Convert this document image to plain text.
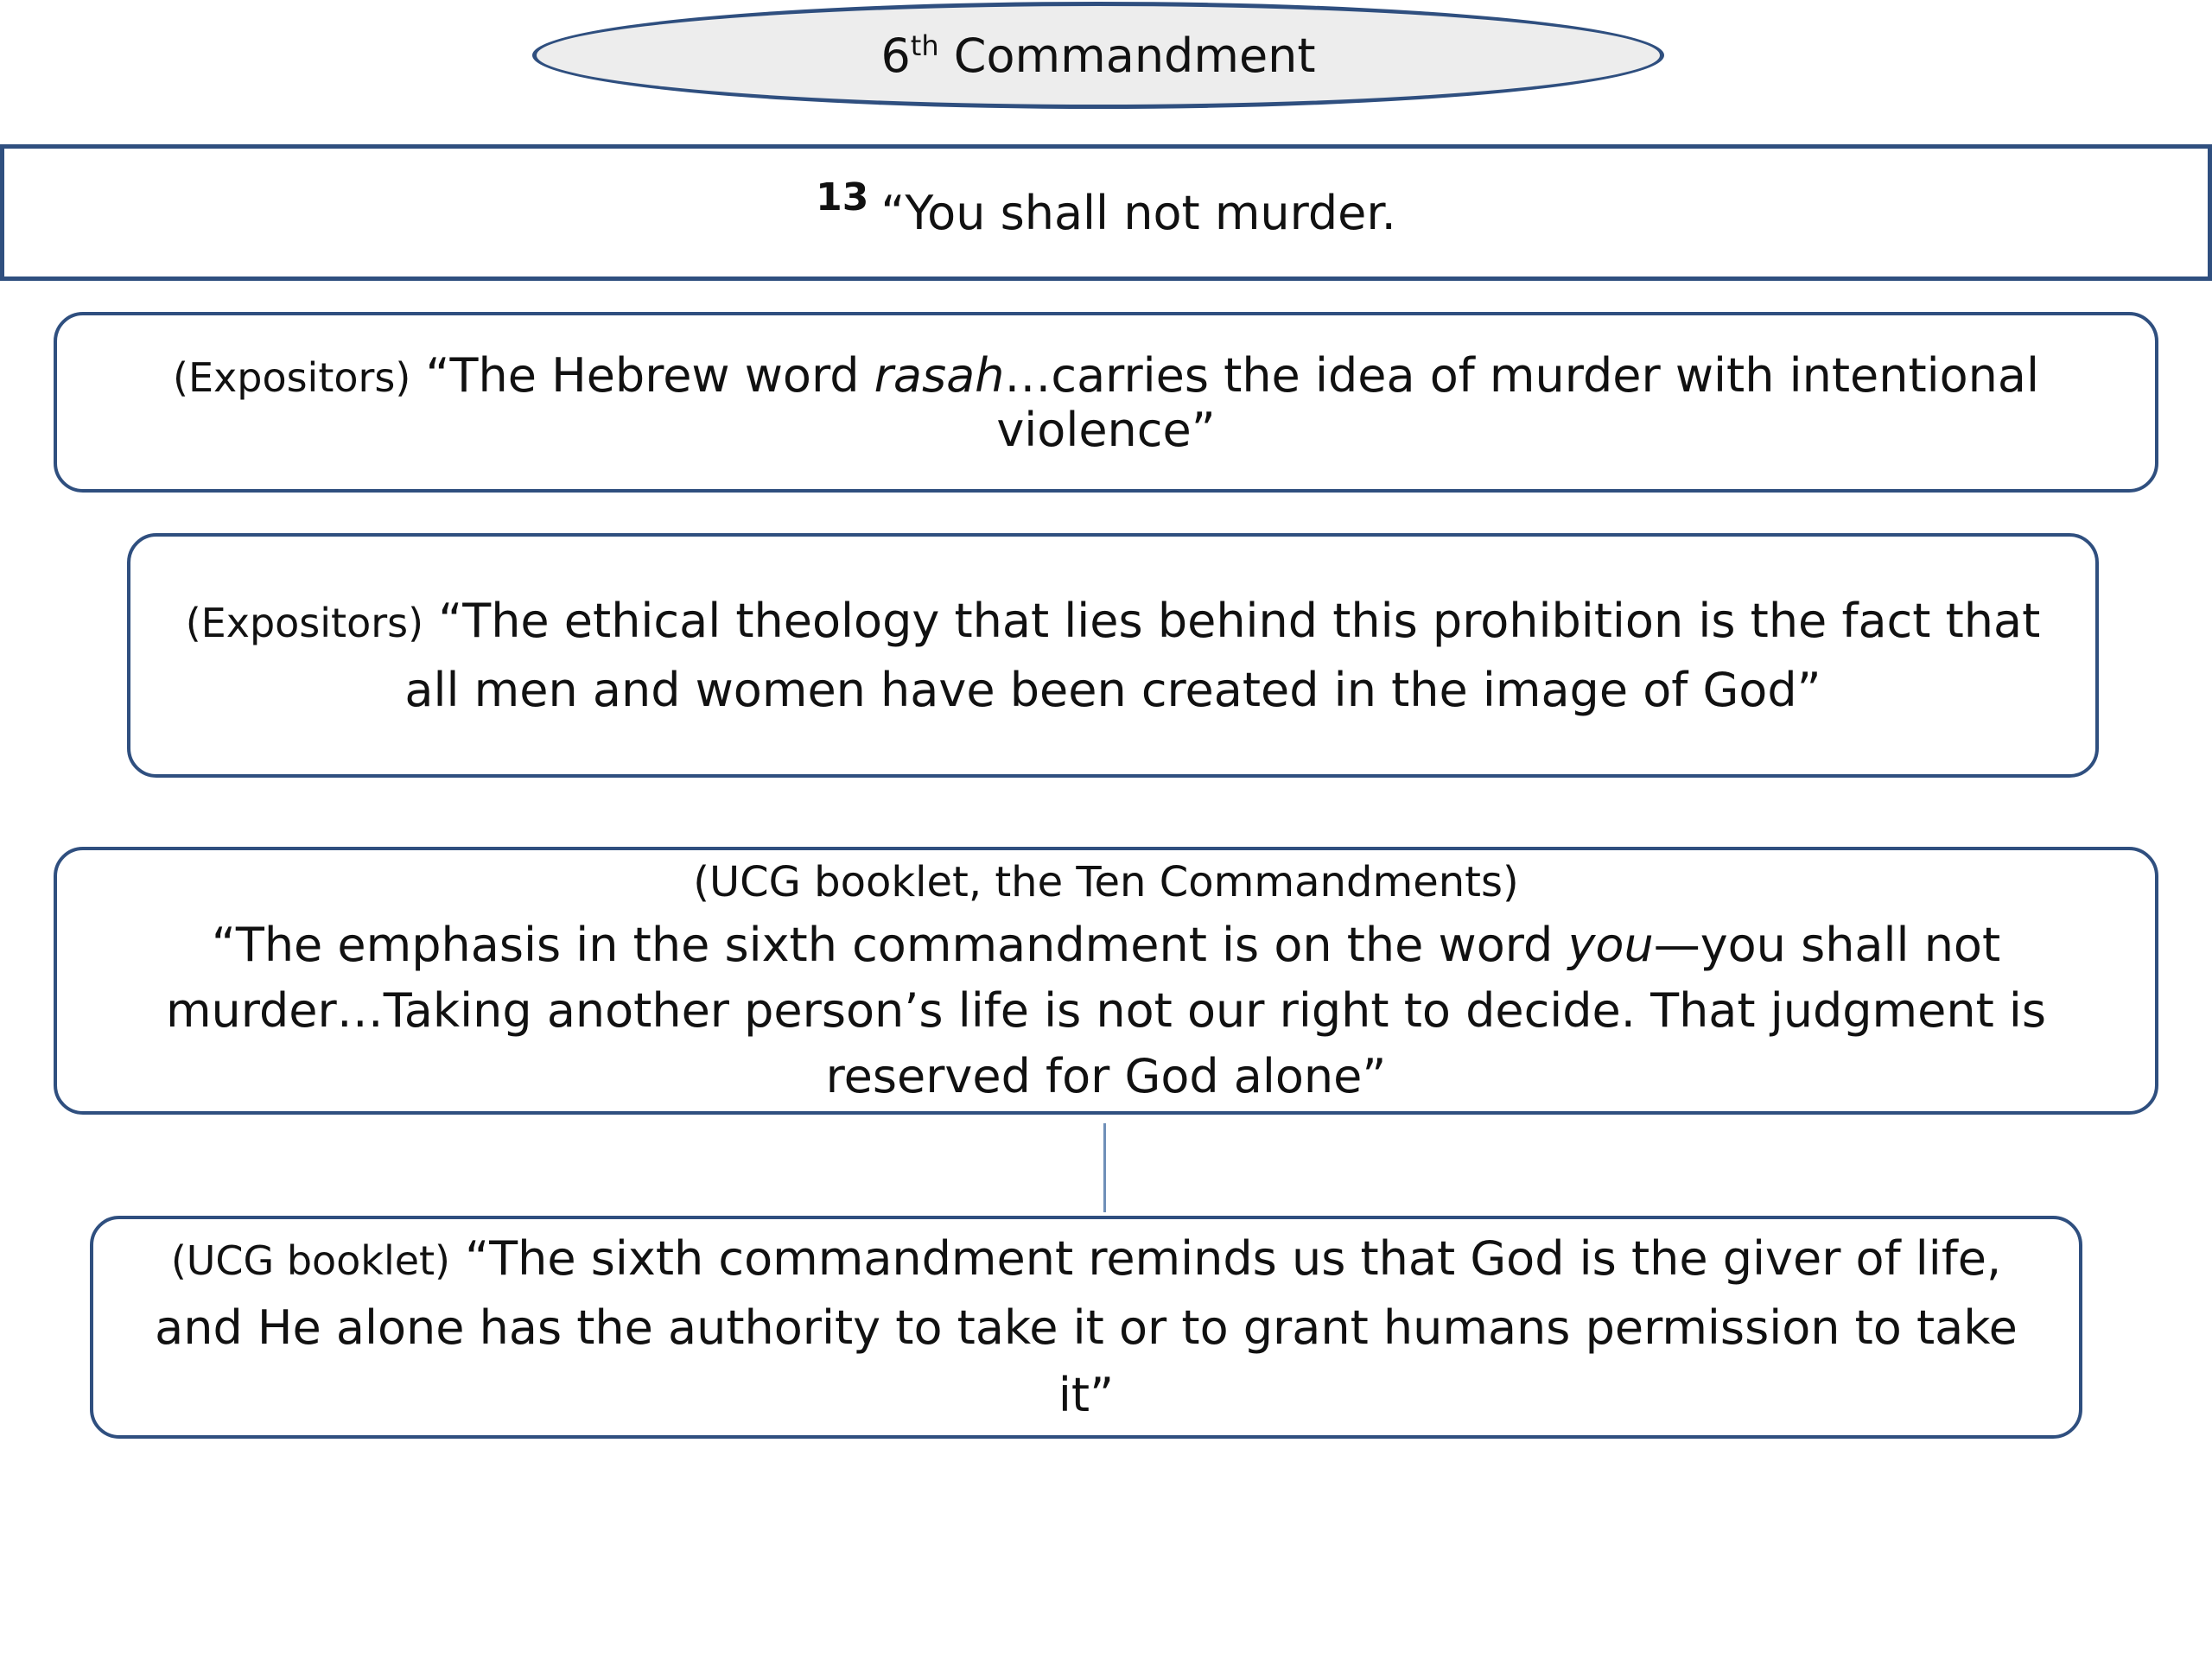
6th Commandment
$^{13}$ “You shall not murder.
(Expositors) “The Hebrew word rasah…carries the idea of murder with intentional violence”
(Expositors) “The ethical theology that lies behind this prohibition is the fact that all men and women have been created in the image of God”
(UCG booklet, the Ten Commandments)
“The emphasis in the sixth commandment is on the word you—you shall not murder…Taking another person’s life is not our right to decide. That judgment is reserved for God alone”
(UCG booklet) “The sixth commandment reminds us that God is the giver of life, and He alone has the authority to take it or to grant humans permission to take it”
